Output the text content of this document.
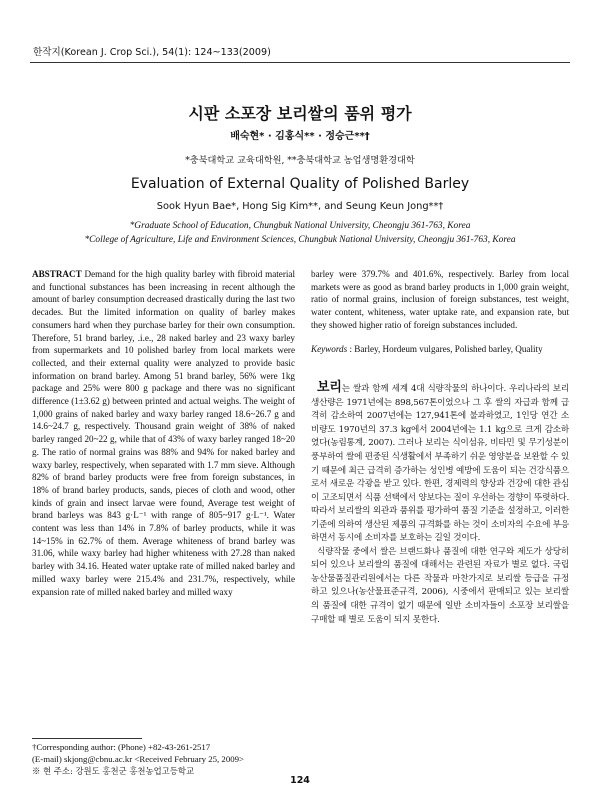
한작지(Korean J. Crop Sci.), 54(1): 124~133(2009)
시판 소포장 보리쌀의 품위 평가
배숙현* · 김홍식** · 정승근**†
*충북대학교 교육대학원, **충북대학교 농업생명환경대학
Evaluation of External Quality of Polished Barley
Sook Hyun Bae*, Hong Sig Kim**, and Seung Keun Jong**†
*Graduate School of Education, Chungbuk National University, Cheongju 361-763, Korea
*College of Agriculture, Life and Environment Sciences, Chungbuk National University, Cheongju 361-763, Korea
ABSTRACT Demand for the high quality barley with fibroid material and functional substances has been increasing in recent although the amount of barley consumption decreased drastically during the last two decades. But the limited information on quality of barley makes consumers hard when they purchase barley for their own consumption. Therefore, 51 brand barley, .i.e., 28 naked barley and 23 waxy barley from supermarkets and 10 polished barley from local markets were collected, and their external quality were analyzed to provide basic information on brand barley. Among 51 brand barley, 56% were 1kg package and 25% were 800 g package and there was no significant difference (1±3.62 g) between printed and actual weighs. The weight of 1,000 grains of naked barley and waxy barley ranged 18.6~26.7 g and 14.6~24.7 g, respectively. Thousand grain weight of 38% of naked barley ranged 20~22 g, while that of 43% of waxy barley ranged 18~20 g. The ratio of normal grains was 88% and 94% for naked barley and waxy barley, respectively, when separated with 1.7 mm sieve. Although 82% of brand barley products were free from foreign substances, in 18% of brand barley products, sands, pieces of cloth and wood, other kinds of grain and insect larvae were found, Average test weight of brand barleys was 843 g·L⁻¹ with range of 805~917 g·L⁻¹. Water content was less than 14% in 7.8% of barley products, while it was 14~15% in 62.7% of them. Average whiteness of brand barley was 31.06, while waxy barley had higher whiteness with 27.28 than naked barley with 34.16. Heated water uptake rate of milled naked barley and milled waxy barley were 215.4% and 231.7%, respectively, while expansion rate of milled naked barley and milled waxy
barley were 379.7% and 401.6%, respectively. Barley from local markets were as good as brand barley products in 1,000 grain weight, ratio of normal grains, inclusion of foreign substances, test weight, water content, whiteness, water uptake rate, and expansion rate, but they showed higher ratio of foreign substances included.
Keywords : Barley, Hordeum vulgares, Polished barley, Quality

보리는 쌀과 함께 세계 4대 식량작물의 하나이다. 우리나라의 보리 생산량은 1971년에는 898,567톤이었으나 그 후 쌀의 자급과 함께 급격히 감소하여 2007년에는 127,941톤에 불과하였고, 1인당 연간 소비량도 1970년의 37.3 kg에서 2004년에는 1.1 kg으로 크게 감소하였다(농림통계, 2007). 그러나 보리는 식이섬유, 비타민 및 무기성분이 풍부하여 쌀에 편중된 식생활에서 부족하기 쉬운 영양분을 보완할 수 있기 때문에 최근 급격히 증가하는 성인병 예방에 도움이 되는 건강식품으로서 새로운 각광을 받고 있다. 한편, 경제력의 향상과 건강에 대한 관심이 고조되면서 식품 선택에서 양보다는 질이 우선하는 경향이 뚜렷하다. 따라서 보리쌀의 외관과 품위를 평가하여 품질 기준을 설정하고, 이러한 기준에 의하여 생산된 제품의 규격화를 하는 것이 소비자의 수요에 부응하면서 동시에 소비자를 보호하는 길일 것이다.

식량작물 중에서 쌀은 브랜드화나 품질에 대한 연구와 제도가 상당히 되어 있으나 보리쌀의 품질에 대해서는 관련된 자료가 별로 없다. 국립농산물품질관리원에서는 다른 작물과 마찬가지로 보리쌀 등급을 규정하고 있으나(농산물표준규격, 2006), 시중에서 판매되고 있는 보리쌀의 품질에 대한 규격이 없기 때문에 일반 소비자들이 소포장 보리쌀을 구매할 때 별로 도움이 되지 못한다.

†Corresponding author: (Phone) +82-43-261-2517
(E-mail) skjong@cbnu.ac.kr <Received February 25, 2009>
※ 현 주소: 강원도 홍천군 홍천농업고등학교
124
